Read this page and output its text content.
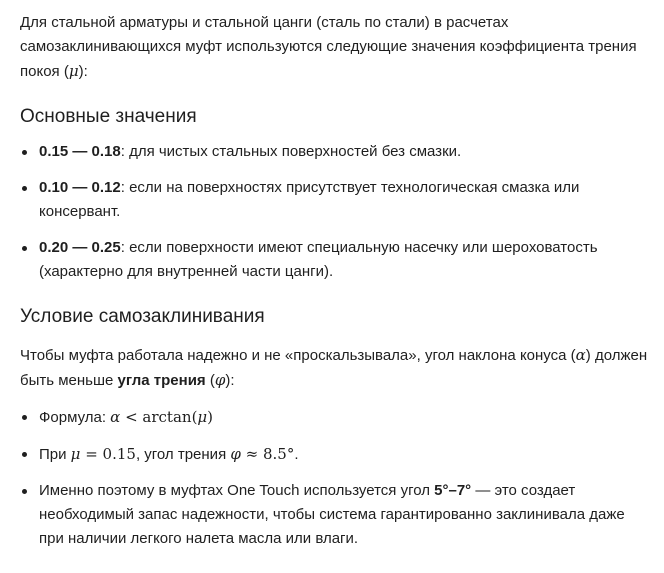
Для стальной арматуры и стальной цанги (сталь по стали) в расчетах самозаклинивающихся муфт используются следующие значения коэффициента трения покоя (μ):

Основные значения
0.15 — 0.18: для чистых стальных поверхностей без смазки.
0.10 — 0.12: если на поверхностях присутствует технологическая смазка или консервант.
0.20 — 0.25: если поверхности имеют специальную насечку или шероховатость (характерно для внутренней части цанги).
Условие самозаклинивания

Чтобы муфта работала надежно и не «проскальзывала», угол наклона конуса (α) должен быть меньше угла трения (φ):

Формула: α < arctan(μ)
При μ = 0.15, угол трения φ ≈ 8.5°.
Именно поэтому в муфтах One Touch используется угол 5°–7° — это создает необходимый запас надежности, чтобы система гарантированно заклинивала даже при наличии легкого налета масла или влаги.
